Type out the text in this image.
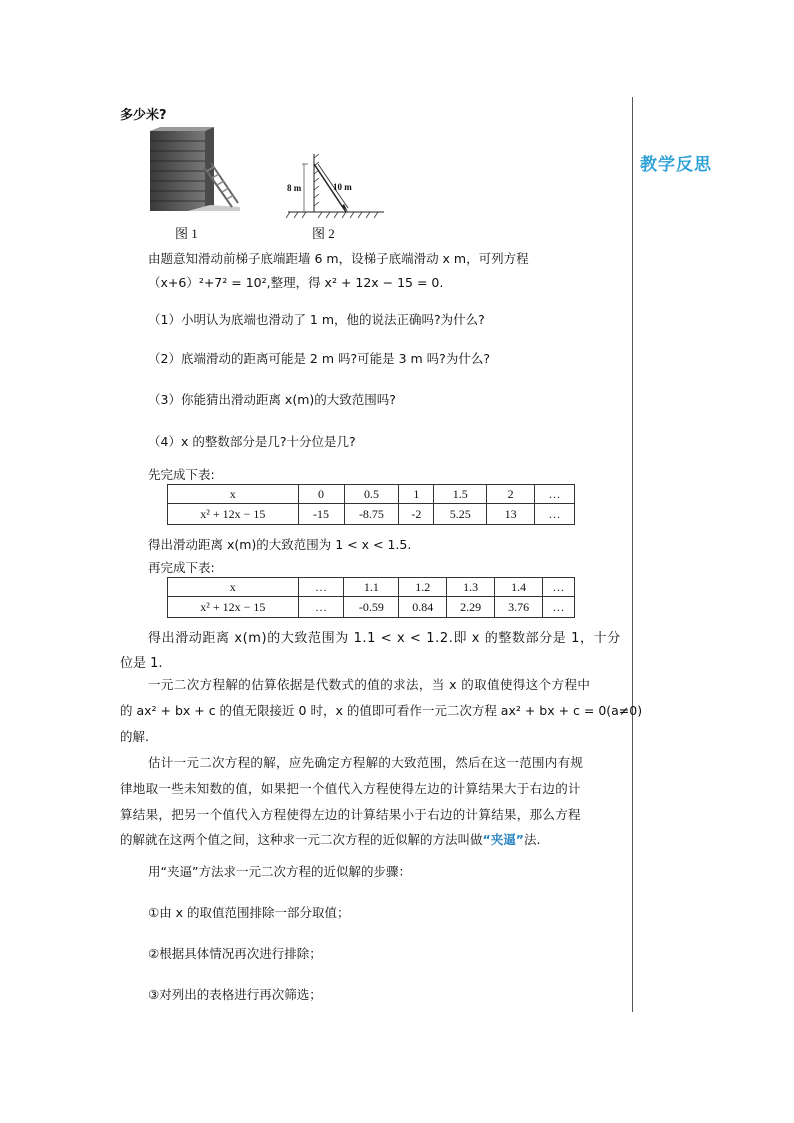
教学反思
多少米?
图 1
8 m	10 m
图 2
由题意知滑动前梯子底端距墙 6 m，设梯子底端滑动 x m，可列方程
（x+6）²+7² = 10²,整理，得 x² + 12x − 15 = 0.
（1）小明认为底端也滑动了 1 m，他的说法正确吗?为什么?
（2）底端滑动的距离可能是 2 m 吗?可能是 3 m 吗?为什么?
（3）你能猜出滑动距离 x(m)的大致范围吗?
（4）x 的整数部分是几?十分位是几?
先完成下表:
x	0	0.5	1	1.5	2	…
x² + 12x − 15	-15	-8.75	-2	5.25	13	…
得出滑动距离 x(m)的大致范围为 1 < x < 1.5.
再完成下表:
x	…	1.1	1.2	1.3	1.4	…
x² + 12x − 15	…	-0.59	0.84	2.29	3.76	…
得出滑动距离 x(m)的大致范围为 1.1 < x < 1.2.即 x 的整数部分是 1，十分
位是 1.
一元二次方程解的估算依据是代数式的值的求法，当 x 的取值使得这个方程中
的 ax² + bx + c 的值无限接近 0 时，x 的值即可看作一元二次方程 ax² + bx + c = 0(a≠0)
的解.
估计一元二次方程的解，应先确定方程解的大致范围，然后在这一范围内有规
律地取一些未知数的值，如果把一个值代入方程使得左边的计算结果大于右边的计
算结果，把另一个值代入方程使得左边的计算结果小于右边的计算结果，那么方程
的解就在这两个值之间，这种求一元二次方程的近似解的方法叫做“夹逼”法.
用“夹逼”方法求一元二次方程的近似解的步骤：
①由 x 的取值范围排除一部分取值；
②根据具体情况再次进行排除；
③对列出的表格进行再次筛选；
